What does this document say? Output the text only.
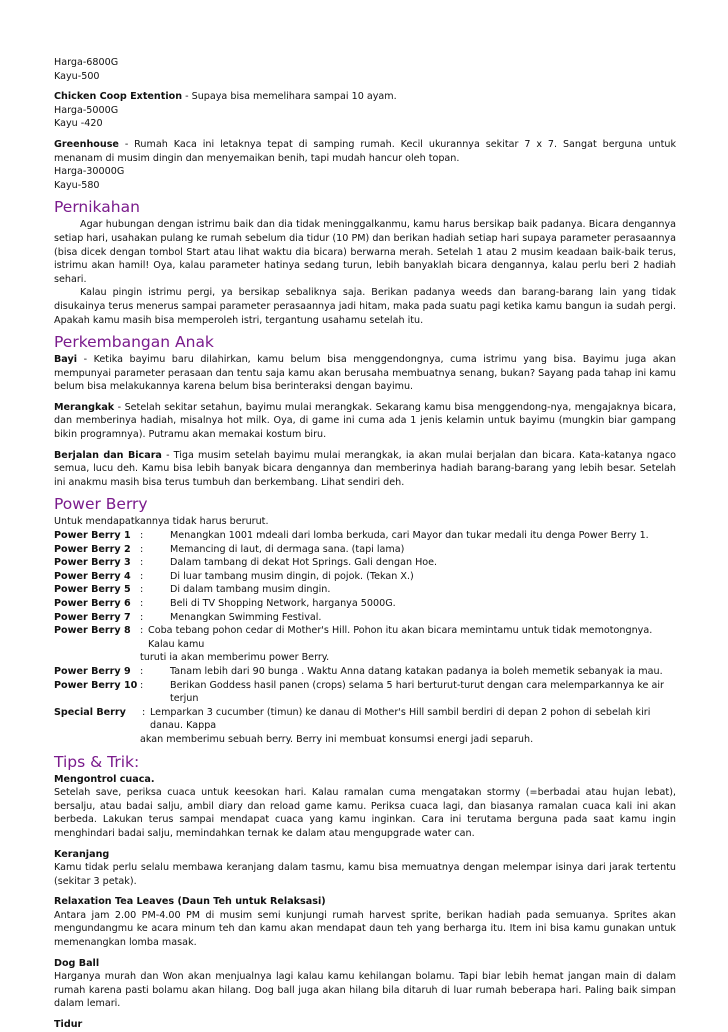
Harga-6800G

Kayu-500

Chicken Coop Extention - Supaya bisa memelihara sampai 10 ayam.

Harga-5000G

Kayu -420

Greenhouse - Rumah Kaca ini letaknya tepat di samping rumah. Kecil ukurannya sekitar 7 x 7. Sangat berguna untuk menanam di musim dingin dan menyemaikan benih, tapi mudah hancur oleh topan.

Harga-30000G

Kayu-580

Pernikahan

Agar hubungan dengan istrimu baik dan dia tidak meninggalkanmu, kamu harus bersikap baik padanya. Bicara dengannya setiap hari, usahakan pulang ke rumah sebelum dia tidur (10 PM) dan berikan hadiah setiap hari supaya parameter perasaannya (bisa dicek dengan tombol Start atau lihat waktu dia bicara) berwarna merah. Setelah 1 atau 2 musim keadaan baik-baik terus, istrimu akan hamil! Oya, kalau parameter hatinya sedang turun, lebih banyaklah bicara dengannya, kalau perlu beri 2 hadiah sehari.

Kalau pingin istrimu pergi, ya bersikap sebaliknya saja. Berikan padanya weeds dan barang-barang lain yang tidak disukainya terus menerus sampai parameter perasaannya jadi hitam, maka pada suatu pagi ketika kamu bangun ia sudah pergi. Apakah kamu masih bisa memperoleh istri, tergantung usahamu setelah itu.

Perkembangan Anak

Bayi - Ketika bayimu baru dilahirkan, kamu belum bisa menggendongnya, cuma istrimu yang bisa. Bayimu juga akan mempunyai parameter perasaan dan tentu saja kamu akan berusaha membuatnya senang, bukan? Sayang pada tahap ini kamu belum bisa melakukannya karena belum bisa berinteraksi dengan bayimu.

Merangkak - Setelah sekitar setahun, bayimu mulai merangkak. Sekarang kamu bisa menggendong-nya, mengajaknya bicara, dan memberinya hadiah, misalnya hot milk. Oya, di game ini cuma ada 1 jenis kelamin untuk bayimu (mungkin biar gampang bikin programnya). Putramu akan memakai kostum biru.

Berjalan dan Bicara - Tiga musim setelah bayimu mulai merangkak, ia akan mulai berjalan dan bicara. Kata-katanya ngaco semua, lucu deh. Kamu bisa lebih banyak bicara dengannya dan memberinya hadiah barang-barang yang lebih besar. Setelah ini anakmu masih bisa terus tumbuh dan berkembang. Lihat sendiri deh.

Power Berry

Untuk mendapatkannya tidak harus berurut.

Power Berry 1 :	Menangkan 1001 mdeali dari lomba berkuda, cari Mayor dan tukar medali itu denga Power Berry 1.
Power Berry 2 :	Memancing di laut, di dermaga sana. (tapi lama)
Power Berry 3 :	Dalam tambang di dekat Hot Springs. Gali dengan Hoe.
Power Berry 4 :	Di luar tambang musim dingin, di pojok. (Tekan X.)
Power Berry 5 :	Di dalam tambang musim dingin.
Power Berry 6 :	Beli di TV Shopping Network, harganya 5000G.
Power Berry 7 :	Menangkan Swimming Festival.
Power Berry 8 : Coba tebang pohon cedar di Mother's Hill. Pohon itu akan bicara memintamu untuk tidak memotongnya. Kalau kamu

turuti ia akan memberimu power Berry.

Power Berry 9 :	Tanam lebih dari 90 bunga . Waktu Anna datang katakan padanya ia boleh memetik sebanyak ia mau.
Power Berry 10 :	Berikan Goddess hasil panen (crops) selama 5 hari berturut-turut dengan cara melemparkannya ke air terjun
Special Berry	: Lemparkan 3 cucumber (timun) ke danau di Mother's Hill sambil berdiri di depan 2 pohon di sebelah kiri danau. Kappa

akan memberimu sebuah berry. Berry ini membuat konsumsi energi jadi separuh.

Tips & Trik:

Mengontrol cuaca.

Setelah save, periksa cuaca untuk keesokan hari. Kalau ramalan cuma mengatakan stormy (=berbadai atau hujan lebat), bersalju, atau badai salju, ambil diary dan reload game kamu. Periksa cuaca lagi, dan biasanya ramalan cuaca kali ini akan berbeda. Lakukan terus sampai mendapat cuaca yang kamu inginkan. Cara ini terutama berguna pada saat kamu ingin menghindari badai salju, memindahkan ternak ke dalam atau mengupgrade water can.

Keranjang

Kamu tidak perlu selalu membawa keranjang dalam tasmu, kamu bisa memuatnya dengan melempar isinya dari jarak tertentu (sekitar 3 petak).

Relaxation Tea Leaves (Daun Teh untuk Relaksasi)

Antara jam 2.00 PM-4.00 PM di musim semi kunjungi rumah harvest sprite, berikan hadiah pada semuanya. Sprites akan mengundangmu ke acara minum teh dan kamu akan mendapat daun teh yang berharga itu. Item ini bisa kamu gunakan untuk memenangkan lomba masak.

Dog Ball

Harganya murah dan Won akan menjualnya lagi kalau kamu kehilangan bolamu. Tapi biar lebih hemat jangan main di dalam rumah karena pasti bolamu akan hilang. Dog ball juga akan hilang bila ditaruh di luar rumah beberapa hari. Paling baik simpan dalam lemari.

Tidur
